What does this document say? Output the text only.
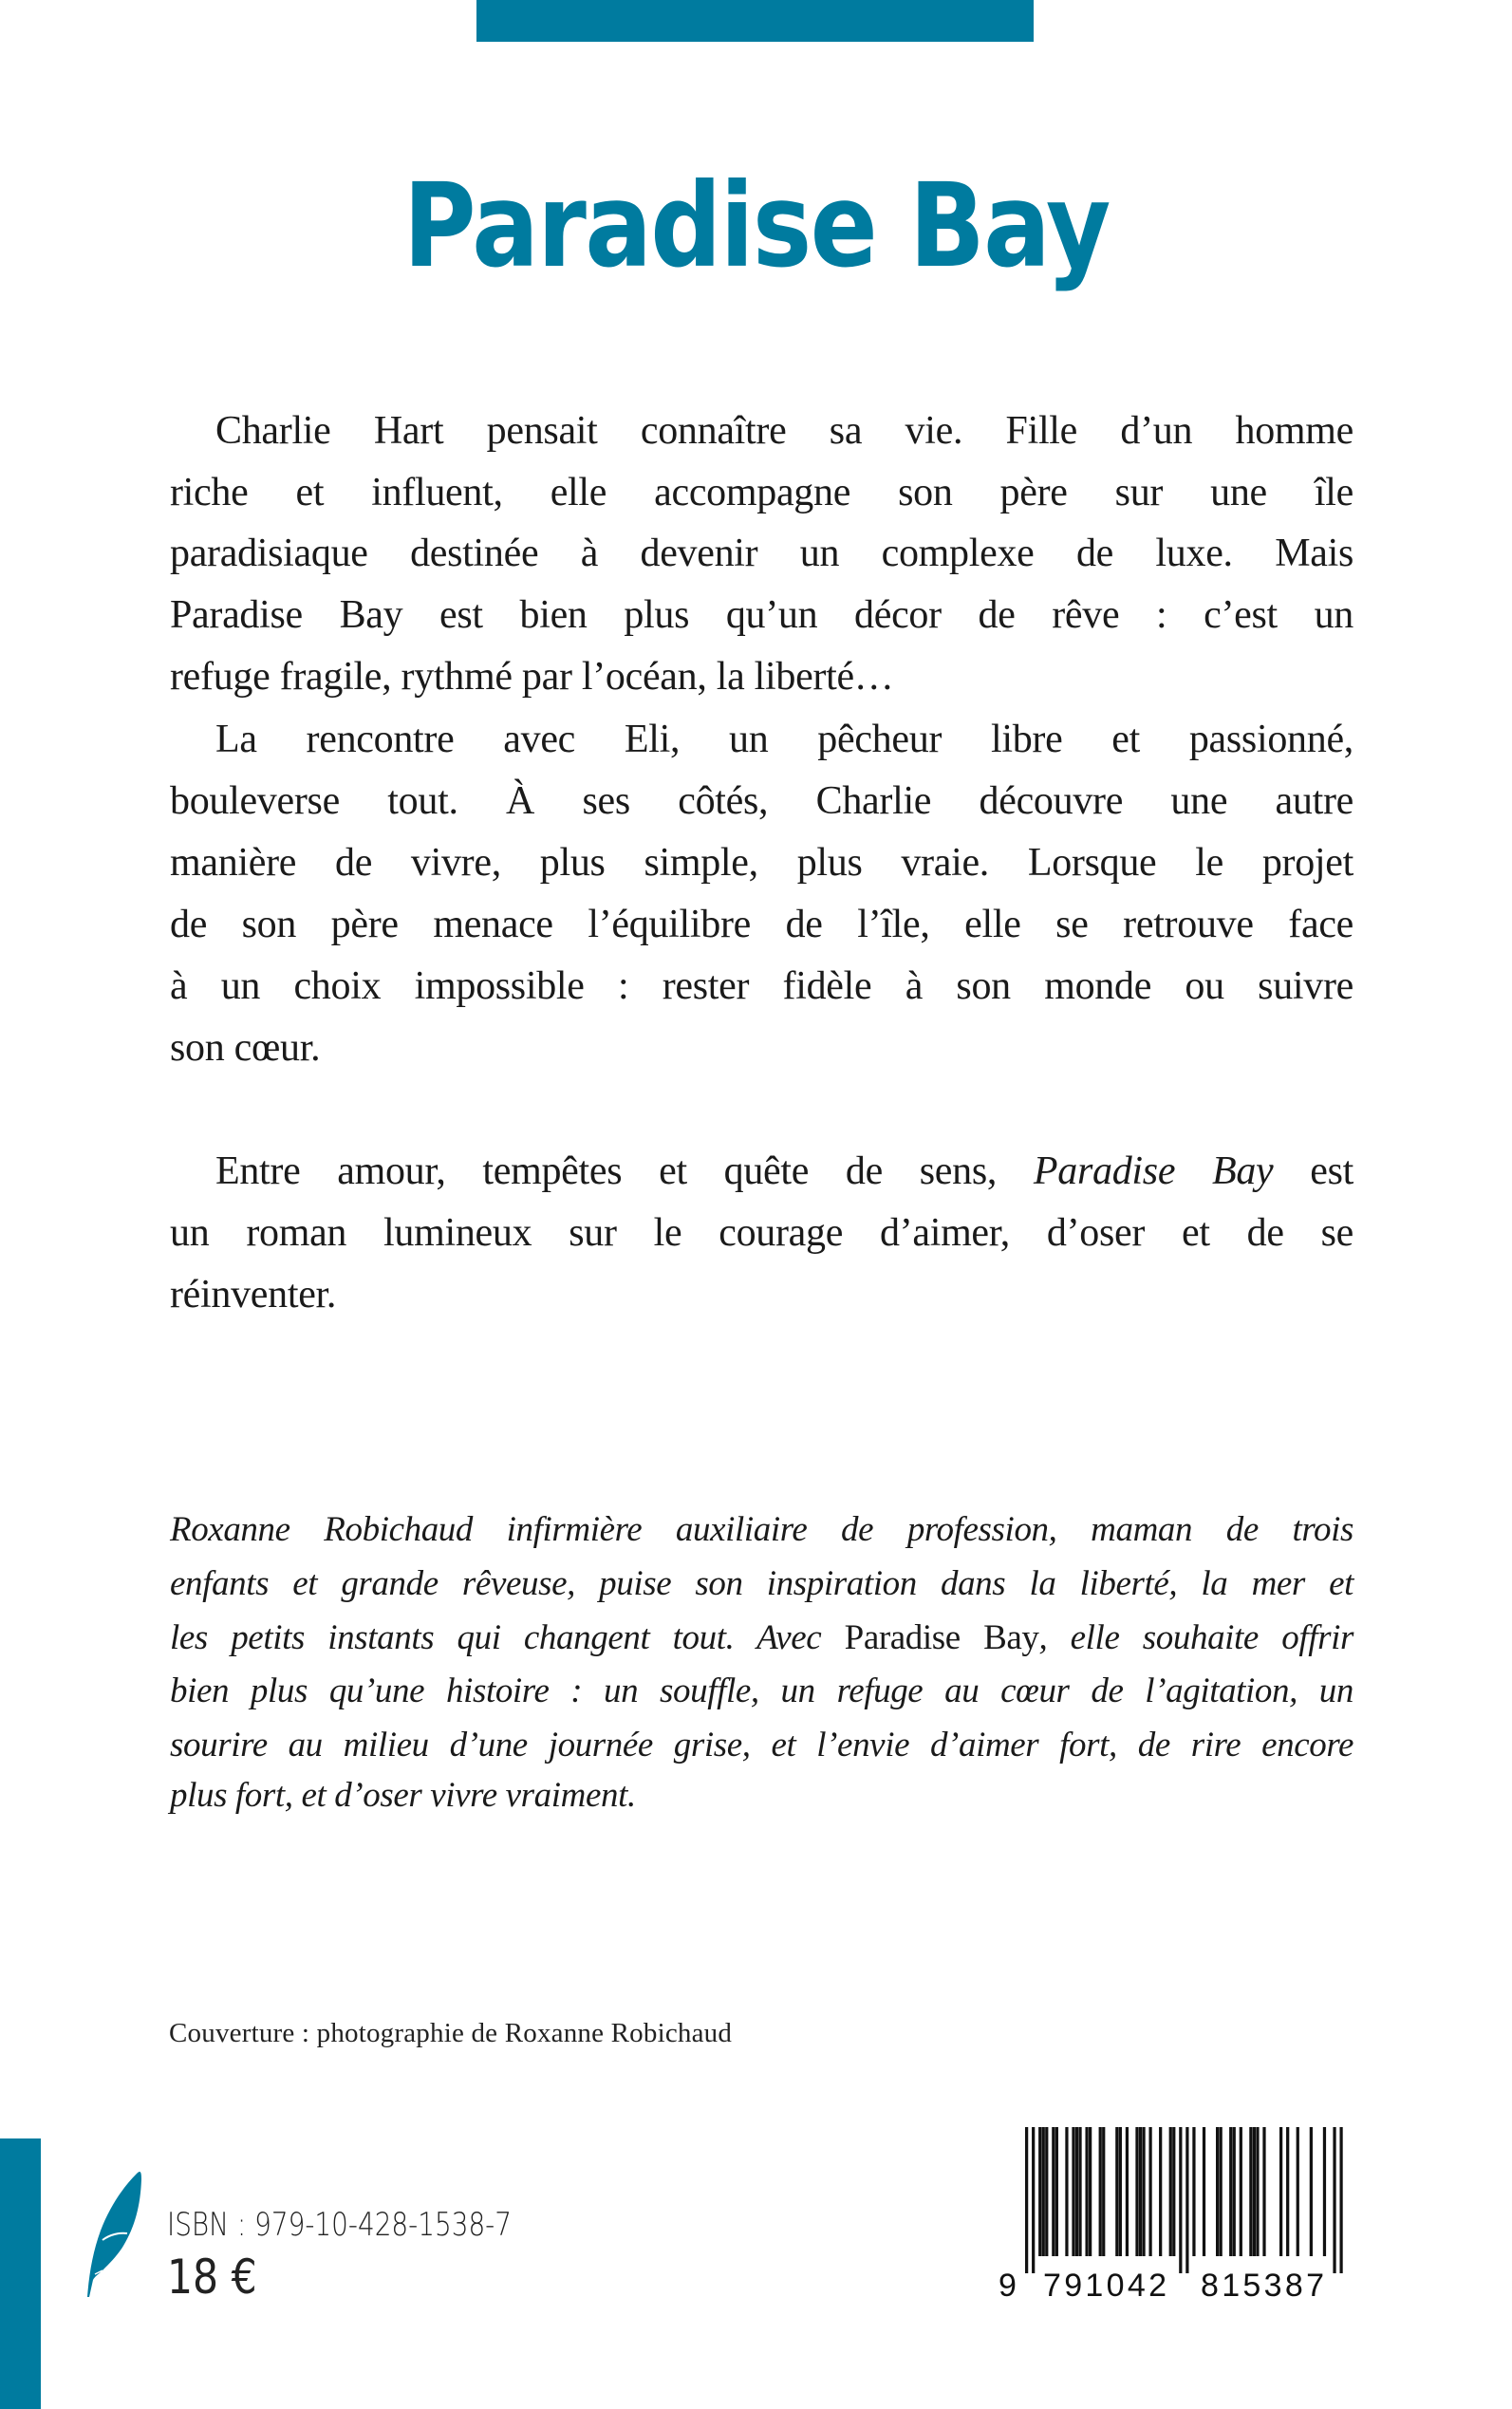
Paradise Bay
Charlie Hart pensait connaître sa vie. Fille d’un homme
riche et influent, elle accompagne son père sur une île
paradisiaque destinée à devenir un complexe de luxe. Mais
Paradise Bay est bien plus qu’un décor de rêve : c’est un
refuge fragile, rythmé par l’océan, la liberté…
La rencontre avec Eli, un pêcheur libre et passionné,
bouleverse tout. À ses côtés, Charlie découvre une autre
manière de vivre, plus simple, plus vraie. Lorsque le projet
de son père menace l’équilibre de l’île, elle se retrouve face
à un choix impossible : rester fidèle à son monde ou suivre
son cœur.
Entre amour, tempêtes et quête de sens, Paradise Bay est
un roman lumineux sur le courage d’aimer, d’oser et de se
réinventer.
Roxanne Robichaud infirmière auxiliaire de profession, maman de trois
enfants et grande rêveuse, puise son inspiration dans la liberté, la mer et
les petits instants qui changent tout. Avec Paradise Bay, elle souhaite offrir
bien plus qu’une histoire : un souffle, un refuge au cœur de l’agitation, un
sourire au milieu d’une journée grise, et l’envie d’aimer fort, de rire encore
plus fort, et d’oser vivre vraiment.
Couverture : photographie de Roxanne Robichaud
ISBN : 979-10-428-1538-7
18 €	9 791042 815387
